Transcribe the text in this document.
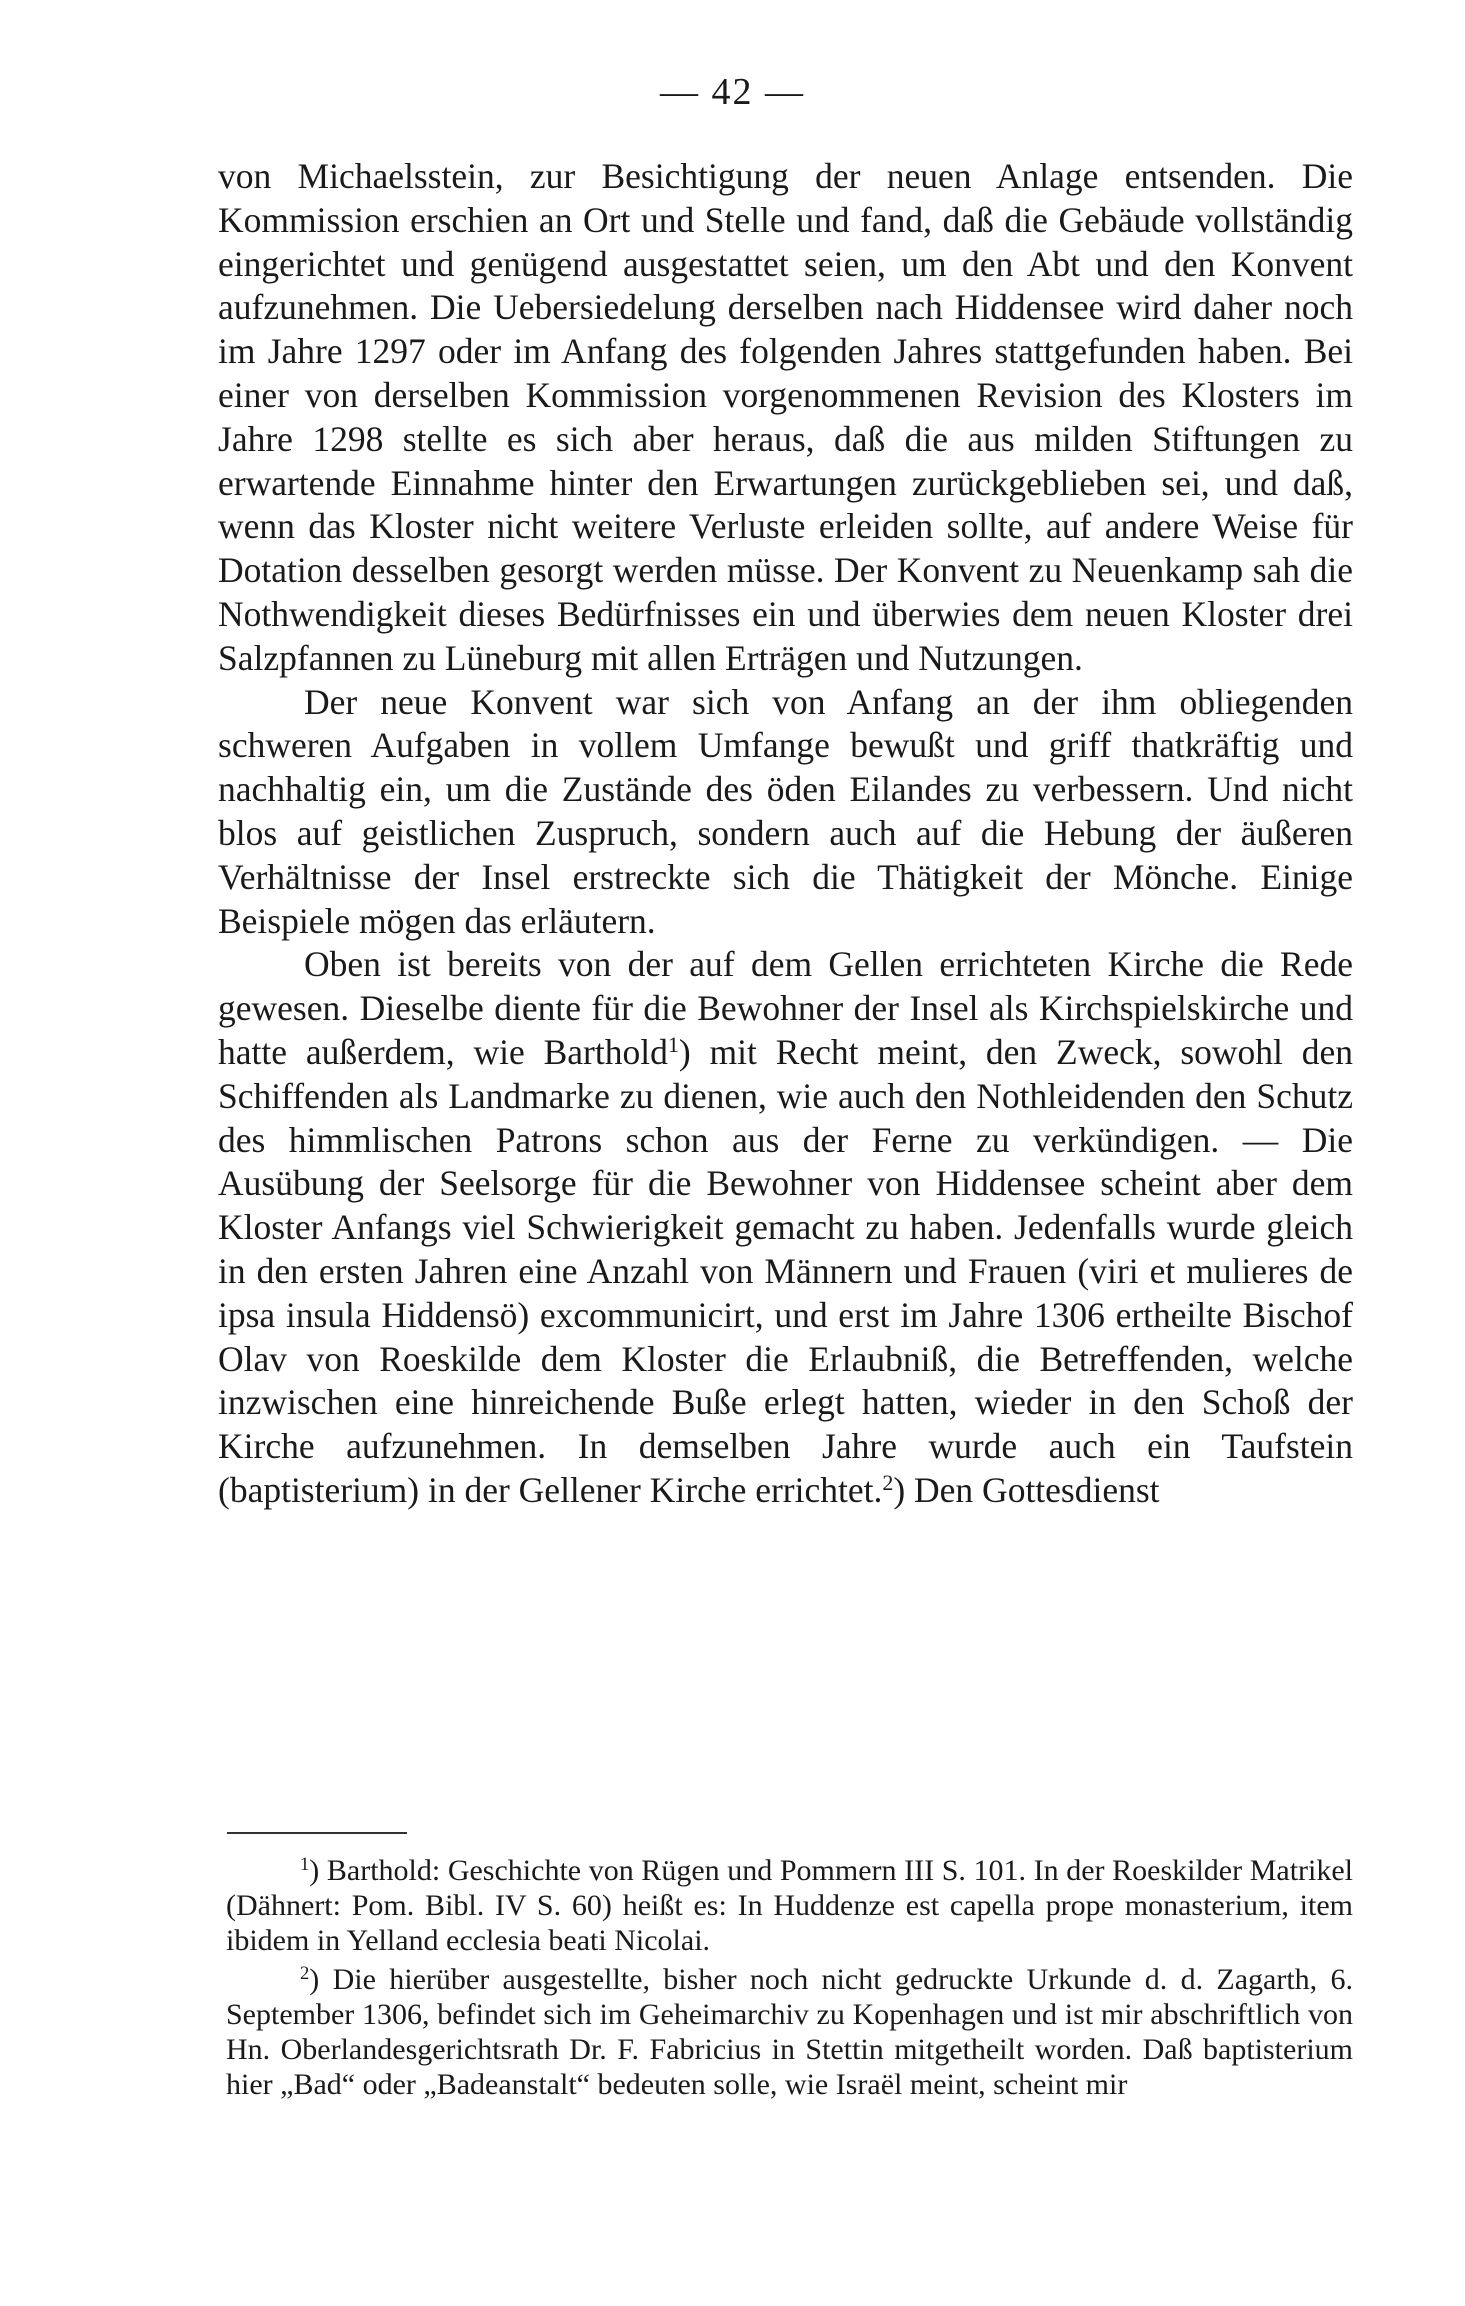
— 42 —

von Michaelsstein, zur Besichtigung der neuen Anlage entsenden. Die Kommission erschien an Ort und Stelle und fand, daß die Gebäude vollständig eingerichtet und genügend ausgestattet seien, um den Abt und den Konvent aufzunehmen. Die Uebersiedelung derselben nach Hiddensee wird daher noch im Jahre 1297 oder im Anfang des folgenden Jahres stattgefunden haben. Bei einer von derselben Kommission vorgenommenen Revision des Klosters im Jahre 1298 stellte es sich aber heraus, daß die aus milden Stiftungen zu erwartende Einnahme hinter den Erwartungen zurückgeblieben sei, und daß, wenn das Kloster nicht weitere Verluste erleiden sollte, auf andere Weise für Dotation desselben gesorgt werden müsse. Der Konvent zu Neuenkamp sah die Nothwendigkeit dieses Bedürfnisses ein und überwies dem neuen Kloster drei Salzpfannen zu Lüneburg mit allen Erträgen und Nutzungen.

Der neue Konvent war sich von Anfang an der ihm obliegenden schweren Aufgaben in vollem Umfange bewußt und griff thatkräftig und nachhaltig ein, um die Zustände des öden Eilandes zu verbessern. Und nicht blos auf geistlichen Zuspruch, sondern auch auf die Hebung der äußeren Verhältnisse der Insel erstreckte sich die Thätigkeit der Mönche. Einige Beispiele mögen das erläutern.

Oben ist bereits von der auf dem Gellen errichteten Kirche die Rede gewesen. Dieselbe diente für die Bewohner der Insel als Kirchspielskirche und hatte außerdem, wie Barthold$^1$) mit Recht meint, den Zweck, sowohl den Schiffenden als Landmarke zu dienen, wie auch den Nothleidenden den Schutz des himmlischen Patrons schon aus der Ferne zu verkündigen. — Die Ausübung der Seelsorge für die Bewohner von Hiddensee scheint aber dem Kloster Anfangs viel Schwierigkeit gemacht zu haben. Jedenfalls wurde gleich in den ersten Jahren eine Anzahl von Männern und Frauen (viri et mulieres de ipsa insula Hiddensö) excommunicirt, und erst im Jahre 1306 ertheilte Bischof Olav von Roeskilde dem Kloster die Erlaubniß, die Betreffenden, welche inzwischen eine hinreichende Buße erlegt hatten, wieder in den Schoß der Kirche aufzunehmen. In demselben Jahre wurde auch ein Taufstein (baptisterium) in der Gellener Kirche errichtet.$^2$) Den Gottesdienst

$^1$) Barthold: Geschichte von Rügen und Pommern III S. 101. In der Roeskilder Matrikel (Dähnert: Pom. Bibl. IV S. 60) heißt es: In Huddenze est capella prope monasterium, item ibidem in Yelland ecclesia beati Nicolai.

$^2$) Die hierüber ausgestellte, bisher noch nicht gedruckte Urkunde d. d. Zagarth, 6. September 1306, befindet sich im Geheimarchiv zu Kopenhagen und ist mir abschriftlich von Hn. Oberlandesgerichtsrath Dr. F. Fabricius in Stettin mitgetheilt worden. Daß baptisterium hier „Bad“ oder „Badeanstalt“ bedeuten solle, wie Israël meint, scheint mir
